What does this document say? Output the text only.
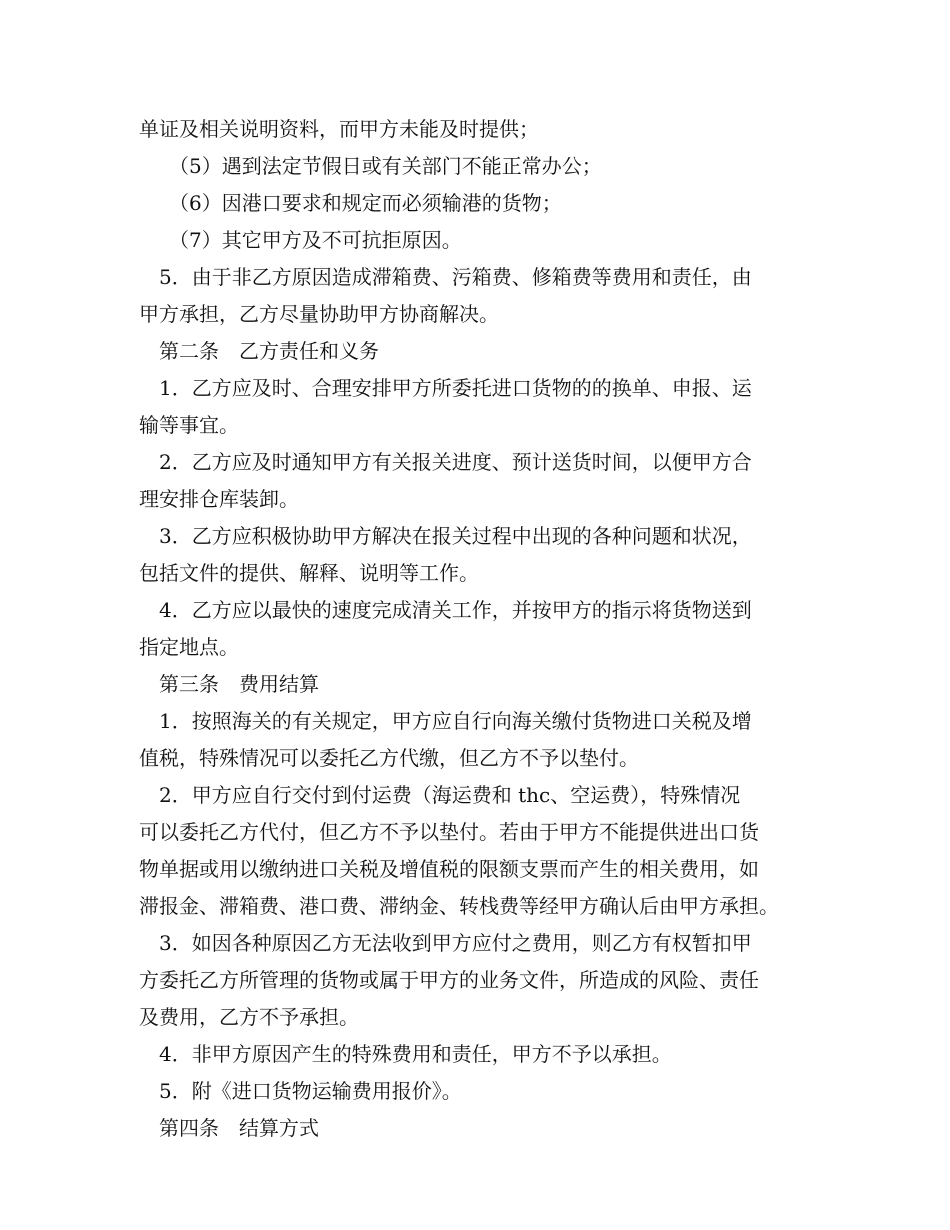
单证及相关说明资料，而甲方未能及时提供；
（5）遇到法定节假日或有关部门不能正常办公；
（6）因港口要求和规定而必须输港的货物；
（7）其它甲方及不可抗拒原因。
5．由于非乙方原因造成滞箱费、污箱费、修箱费等费用和责任，由
甲方承担，乙方尽量协助甲方协商解决。
第二条　乙方责任和义务
1．乙方应及时、合理安排甲方所委托进口货物的的换单、申报、运
输等事宜。
2．乙方应及时通知甲方有关报关进度、预计送货时间，以便甲方合
理安排仓库装卸。
3．乙方应积极协助甲方解决在报关过程中出现的各种问题和状况，
包括文件的提供、解释、说明等工作。
4．乙方应以最快的速度完成清关工作，并按甲方的指示将货物送到
指定地点。
第三条　费用结算
1．按照海关的有关规定，甲方应自行向海关缴付货物进口关税及增
值税，特殊情况可以委托乙方代缴，但乙方不予以垫付。
2．甲方应自行交付到付运费（海运费和 thc、空运费），特殊情况
可以委托乙方代付，但乙方不予以垫付。若由于甲方不能提供进出口货
物单据或用以缴纳进口关税及增值税的限额支票而产生的相关费用，如
滞报金、滞箱费、港口费、滞纳金、转栈费等经甲方确认后由甲方承担。
3．如因各种原因乙方无法收到甲方应付之费用，则乙方有权暂扣甲
方委托乙方所管理的货物或属于甲方的业务文件，所造成的风险、责任
及费用，乙方不予承担。
4．非甲方原因产生的特殊费用和责任，甲方不予以承担。
5．附《进口货物运输费用报价》。
第四条　结算方式
